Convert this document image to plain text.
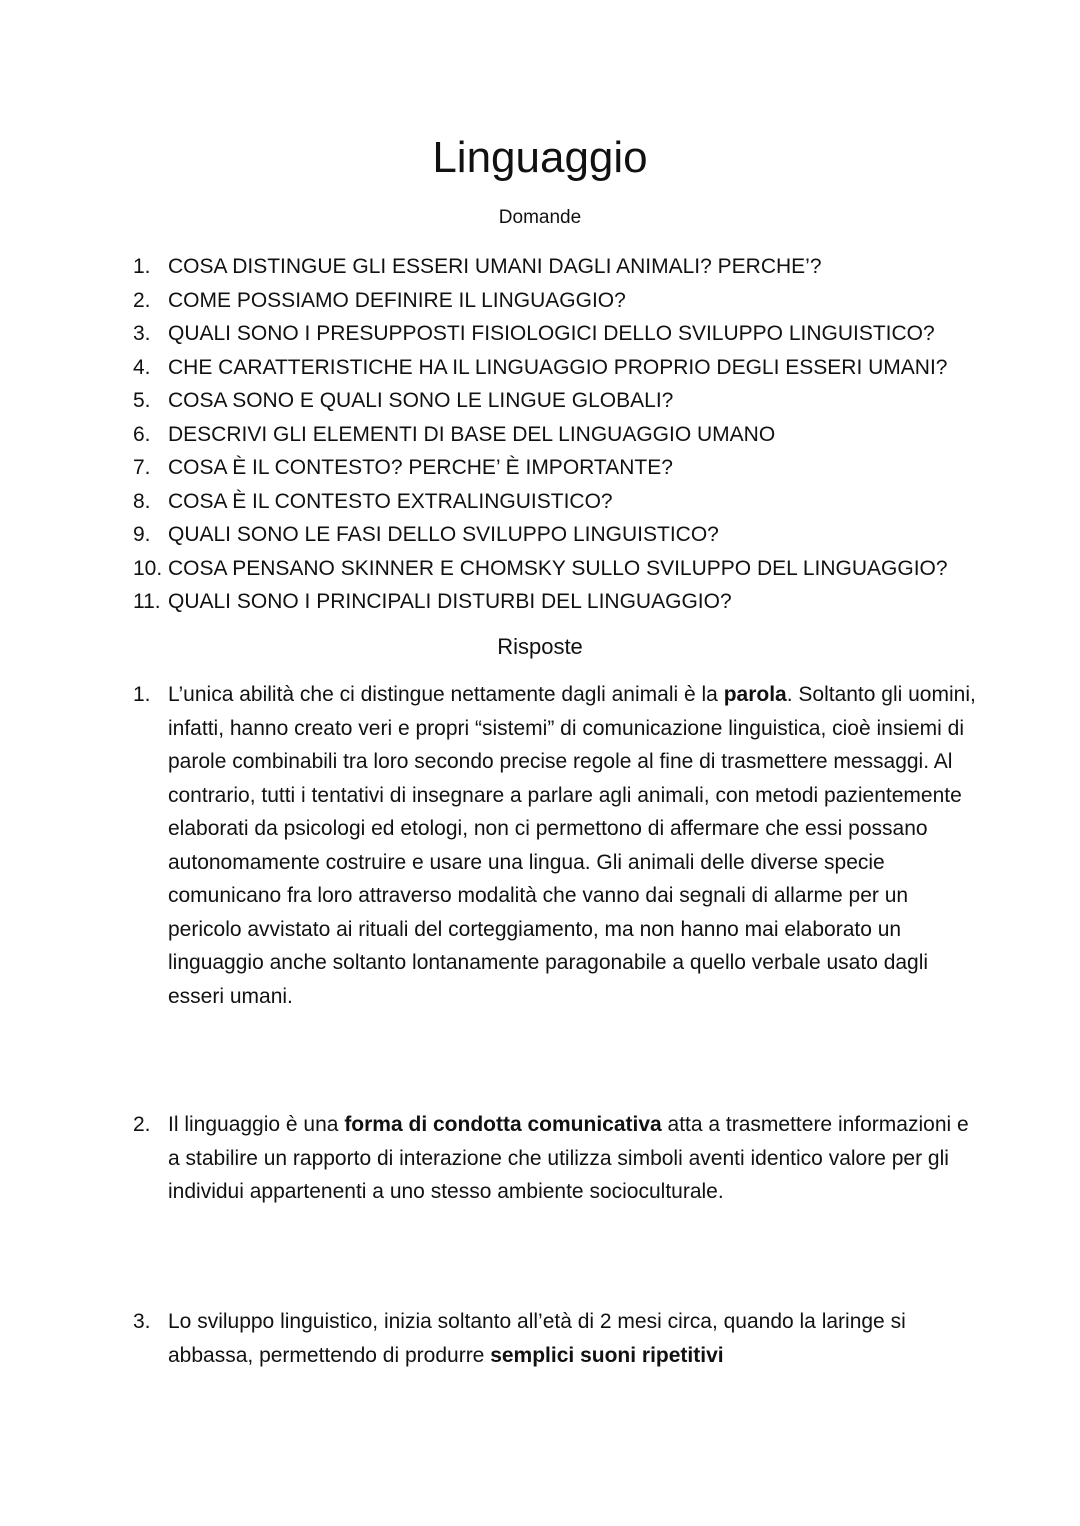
Linguaggio
Domande
1. COSA DISTINGUE GLI ESSERI UMANI DAGLI ANIMALI? PERCHE’?
2. COME POSSIAMO DEFINIRE IL LINGUAGGIO?
3. QUALI SONO I PRESUPPOSTI FISIOLOGICI DELLO SVILUPPO LINGUISTICO?
4. CHE CARATTERISTICHE HA IL LINGUAGGIO PROPRIO DEGLI ESSERI UMANI?
5. COSA SONO E QUALI SONO LE LINGUE GLOBALI?
6. DESCRIVI GLI ELEMENTI DI BASE DEL LINGUAGGIO UMANO
7. COSA È IL CONTESTO? PERCHE’ È IMPORTANTE?
8. COSA È IL CONTESTO EXTRALINGUISTICO?
9. QUALI SONO LE FASI DELLO SVILUPPO LINGUISTICO?
10. COSA PENSANO SKINNER E CHOMSKY SULLO SVILUPPO DEL LINGUAGGIO?
11. QUALI SONO I PRINCIPALI DISTURBI DEL LINGUAGGIO?
Risposte
1. L’unica abilità che ci distingue nettamente dagli animali è la parola. Soltanto gli uomini, infatti, hanno creato veri e propri “sistemi” di comunicazione linguistica, cioè insiemi di parole combinabili tra loro secondo precise regole al fine di trasmettere messaggi. Al contrario, tutti i tentativi di insegnare a parlare agli animali, con metodi pazientemente elaborati da psicologi ed etologi, non ci permettono di affermare che essi possano autonomamente costruire e usare una lingua. Gli animali delle diverse specie comunicano fra loro attraverso modalità che vanno dai segnali di allarme per un pericolo avvistato ai rituali del corteggiamento, ma non hanno mai elaborato un linguaggio anche soltanto lontanamente paragonabile a quello verbale usato dagli esseri umani.

2. Il linguaggio è una forma di condotta comunicativa atta a trasmettere informazioni e a stabilire un rapporto di interazione che utilizza simboli aventi identico valore per gli individui appartenenti a uno stesso ambiente socioculturale.

3. Lo sviluppo linguistico, inizia soltanto all’età di 2 mesi circa, quando la laringe si abbassa, permettendo di produrre semplici suoni ripetitivi
